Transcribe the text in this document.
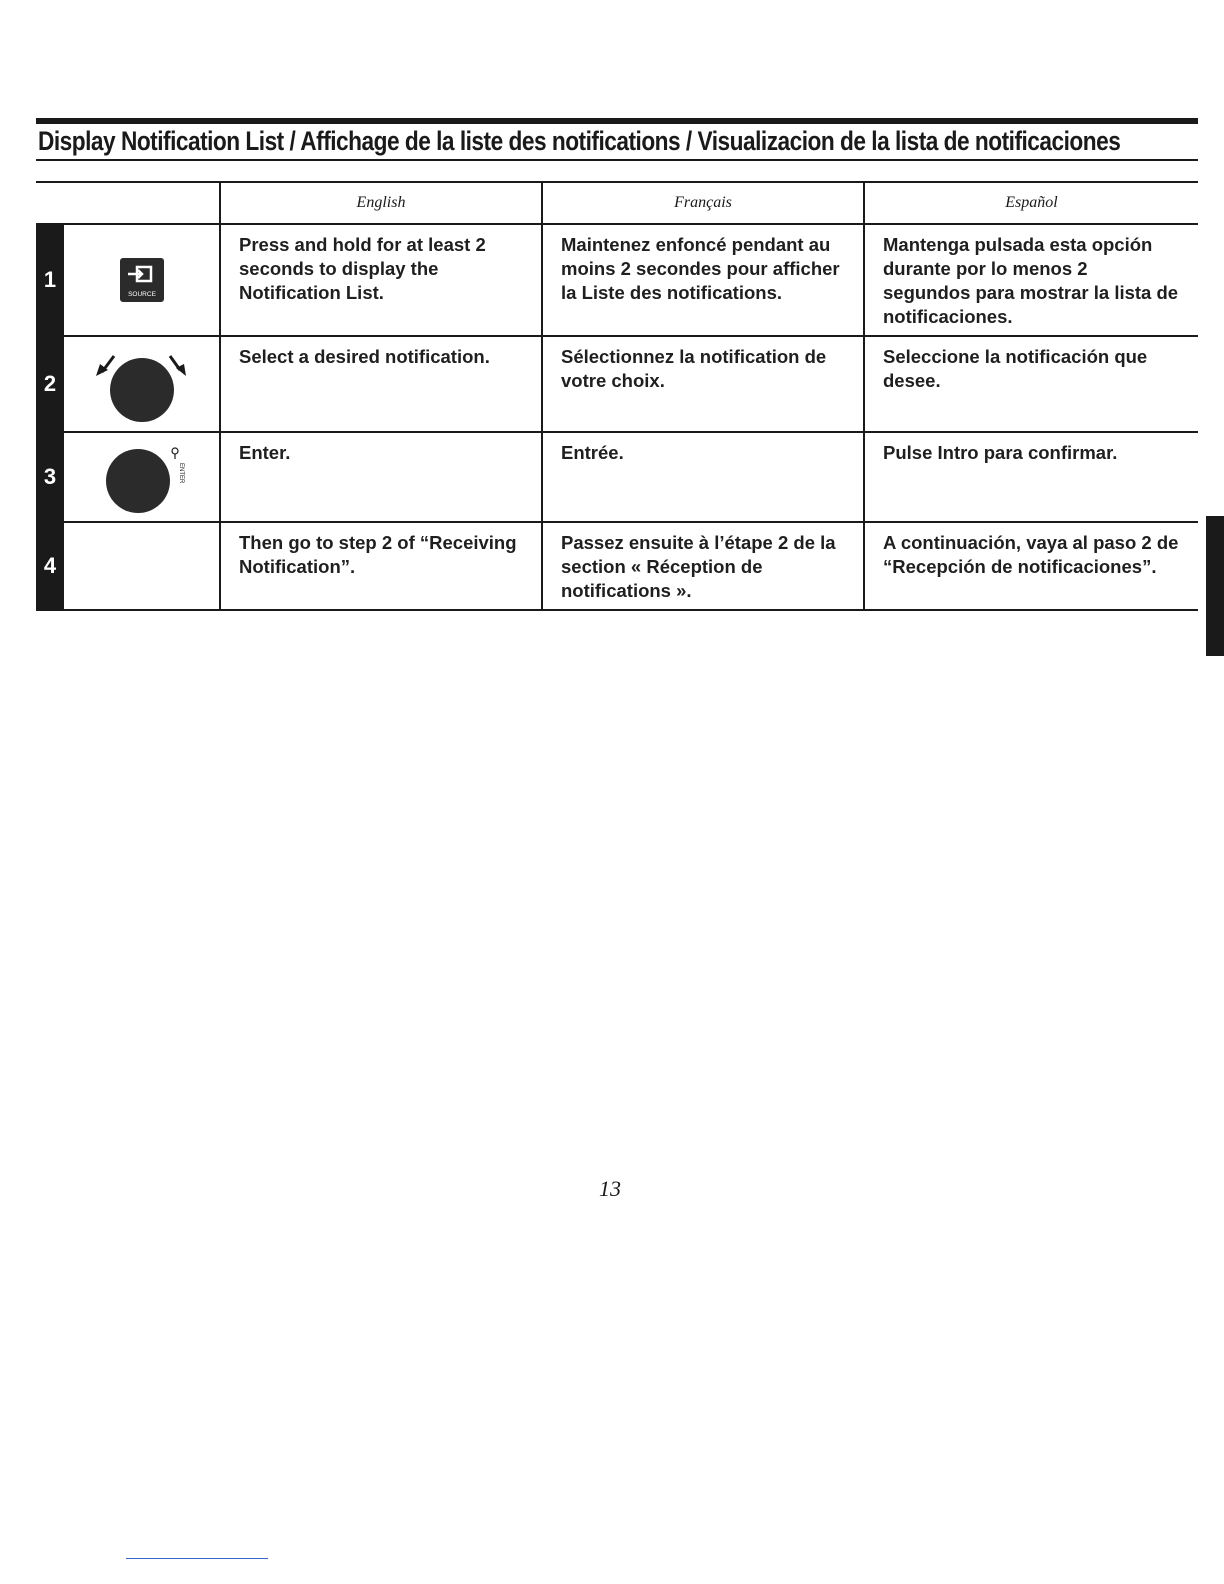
Display Notification List / Affichage de la liste des notifications / Visualizacion de la lista de notificaciones
		English	Français	Español
1	SOURCE	Press and hold for at least 2 seconds to display the Notification List.	Maintenez enfoncé pendant au moins 2 secondes pour afficher la Liste des notifications.	Mantenga pulsada esta opción durante por lo menos 2 segundos para mostrar la lista de notificaciones.
2		Select a desired notification.	Sélectionnez la notification de votre choix.	Seleccione la notificación que desee.
3	ENTER	Enter.	Entrée.	Pulse Intro para confirmar.
4		Then go to step 2 of “Receiving Notification”.	Passez ensuite à l’étape 2 de la section « Réception de notifications ».	A continuación, vaya al paso 2 de “Recepción de notificaciones”.
13
